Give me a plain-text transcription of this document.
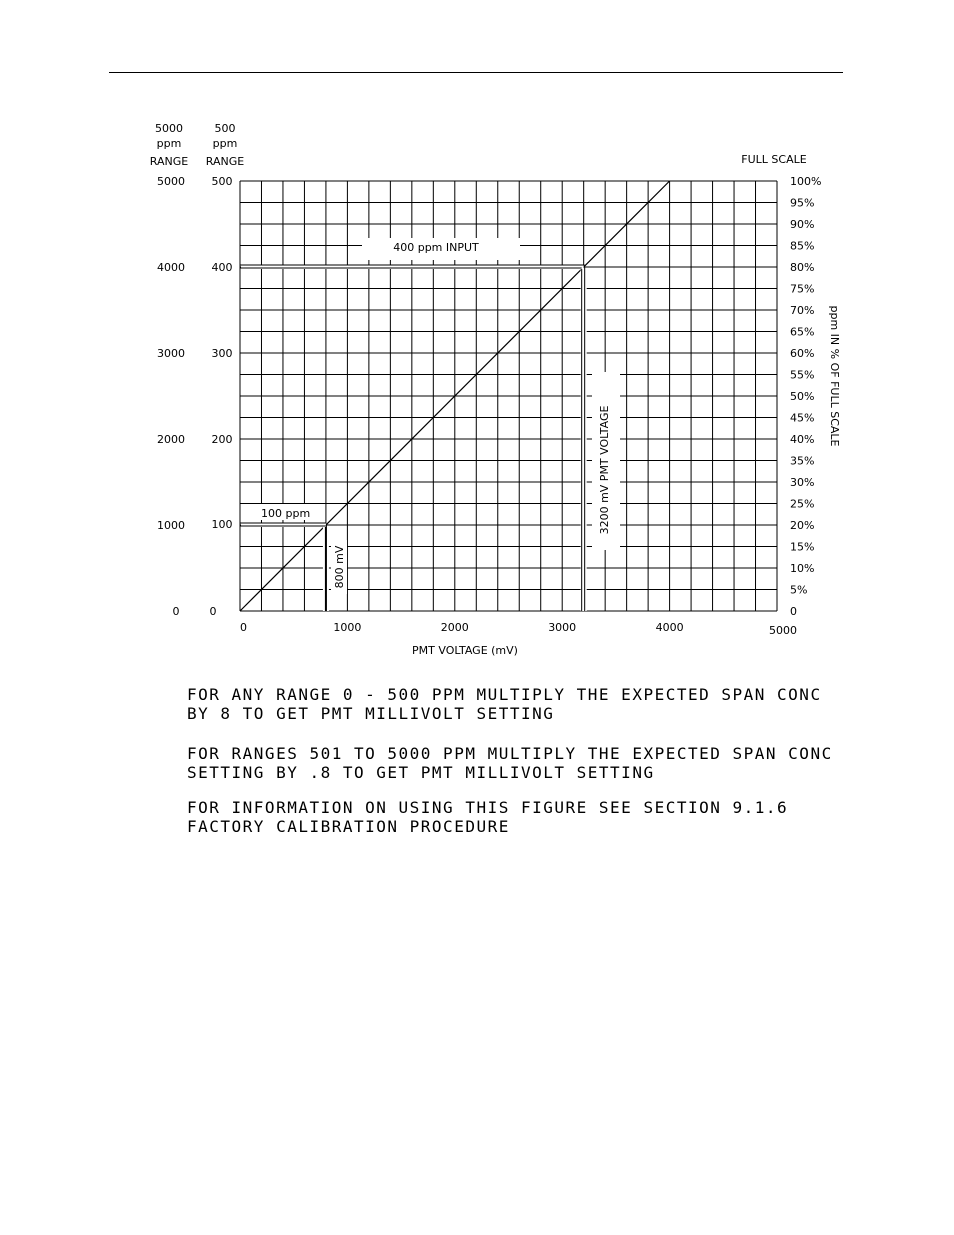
100 ppm
800 mV
400 ppm INPUT
3200 mV PMT VOLTAGE
0	1000	2000	3000	4000	5000
PMT VOLTAGE (mV)
5000
ppm
RANGE
500
ppm
RANGE
0
1000
2000
3000
4000
5000
0
100
200
300
400
500
FULL SCALE
0
5%
10%
15%
20%
25%
30%
35%
40%
45%
50%
55%
60%
65%
70%
75%
80%
85%
90%
95%
100%
ppm IN % OF FULL SCALE
FOR ANY RANGE 0 - 500 PPM MULTIPLY THE EXPECTED SPAN CONC
BY 8 TO GET PMT MILLIVOLT SETTING
FOR RANGES 501 TO 5000 PPM MULTIPLY THE EXPECTED SPAN CONC
SETTING BY .8 TO GET PMT MILLIVOLT SETTING
FOR INFORMATION ON USING THIS FIGURE SEE SECTION 9.1.6
FACTORY CALIBRATION PROCEDURE
